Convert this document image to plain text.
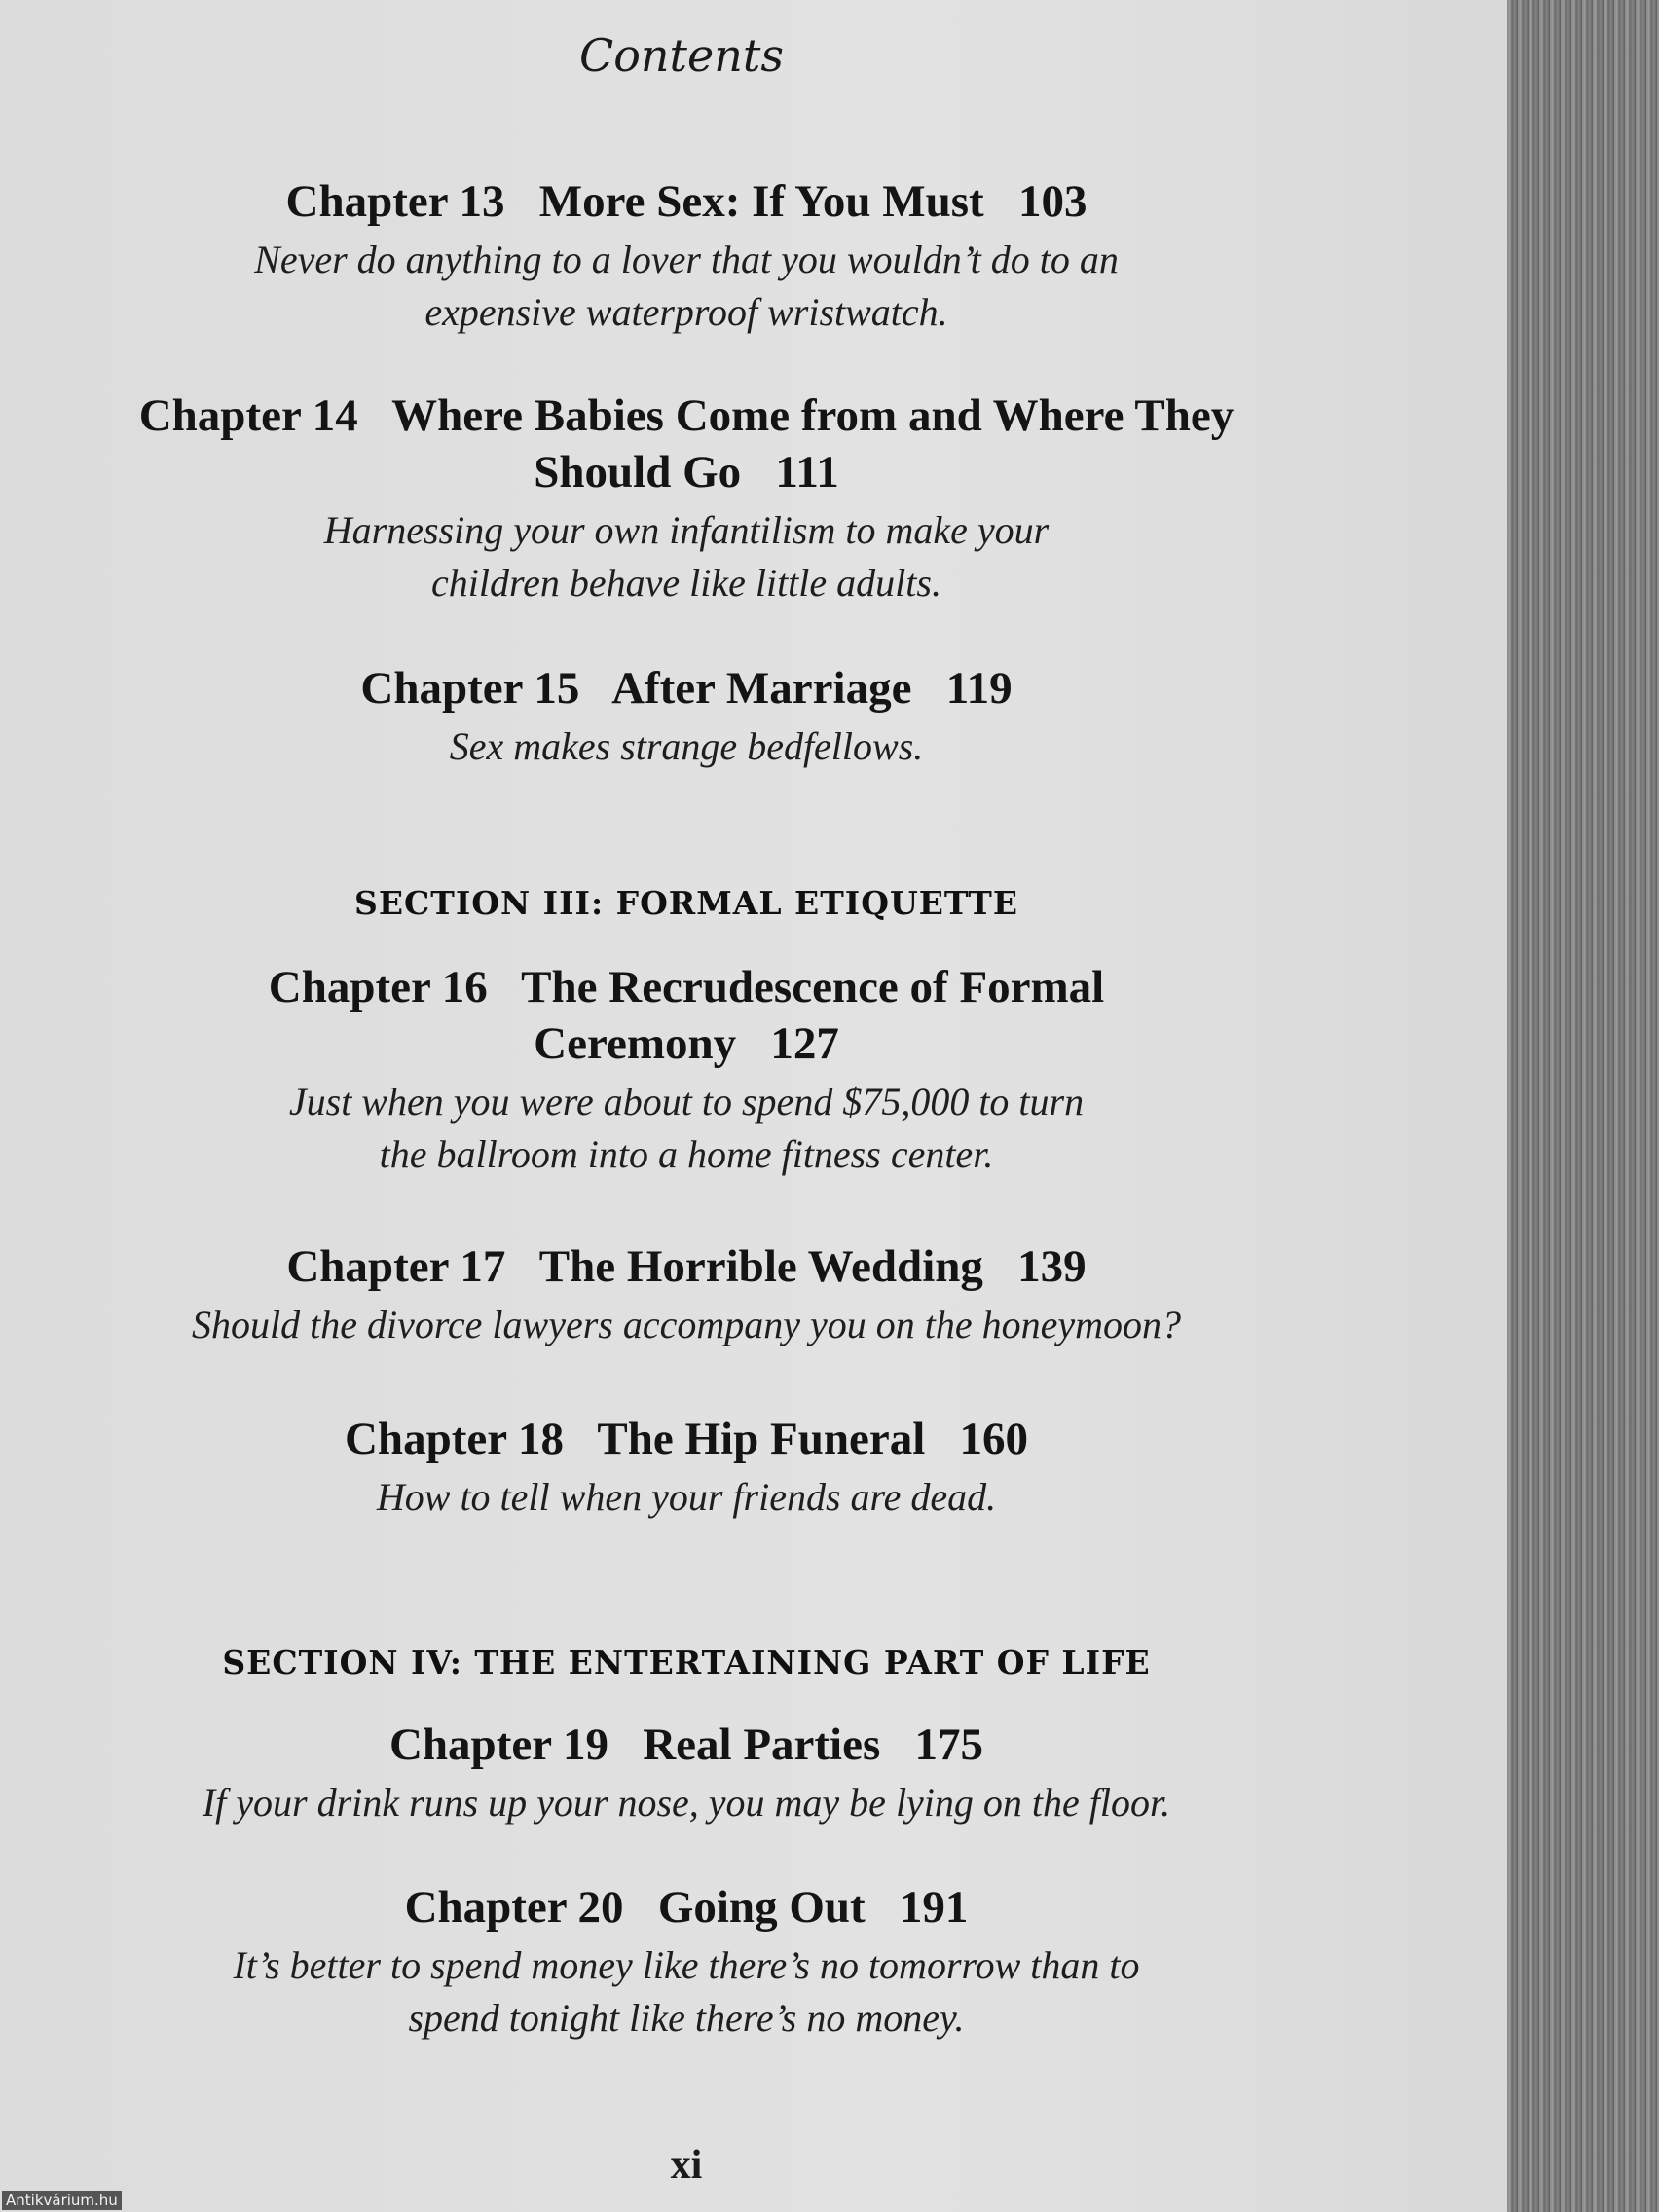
Contents
Chapter 13 More Sex: If You Must 103
Never do anything to a lover that you wouldn’t do to an
expensive waterproof wristwatch.
Chapter 14 Where Babies Come from and Where They
Should Go 111
Harnessing your own infantilism to make your
children behave like little adults.
Chapter 15 After Marriage 119
Sex makes strange bedfellows.
SECTION III: FORMAL ETIQUETTE
Chapter 16 The Recrudescence of Formal
Ceremony 127
Just when you were about to spend $75,000 to turn
the ballroom into a home fitness center.
Chapter 17 The Horrible Wedding 139
Should the divorce lawyers accompany you on the honeymoon?
Chapter 18 The Hip Funeral 160
How to tell when your friends are dead.
SECTION IV: THE ENTERTAINING PART OF LIFE
Chapter 19 Real Parties 175
If your drink runs up your nose, you may be lying on the floor.
Chapter 20 Going Out 191
It’s better to spend money like there’s no tomorrow than to
spend tonight like there’s no money.
xi
Antikvárium.hu
